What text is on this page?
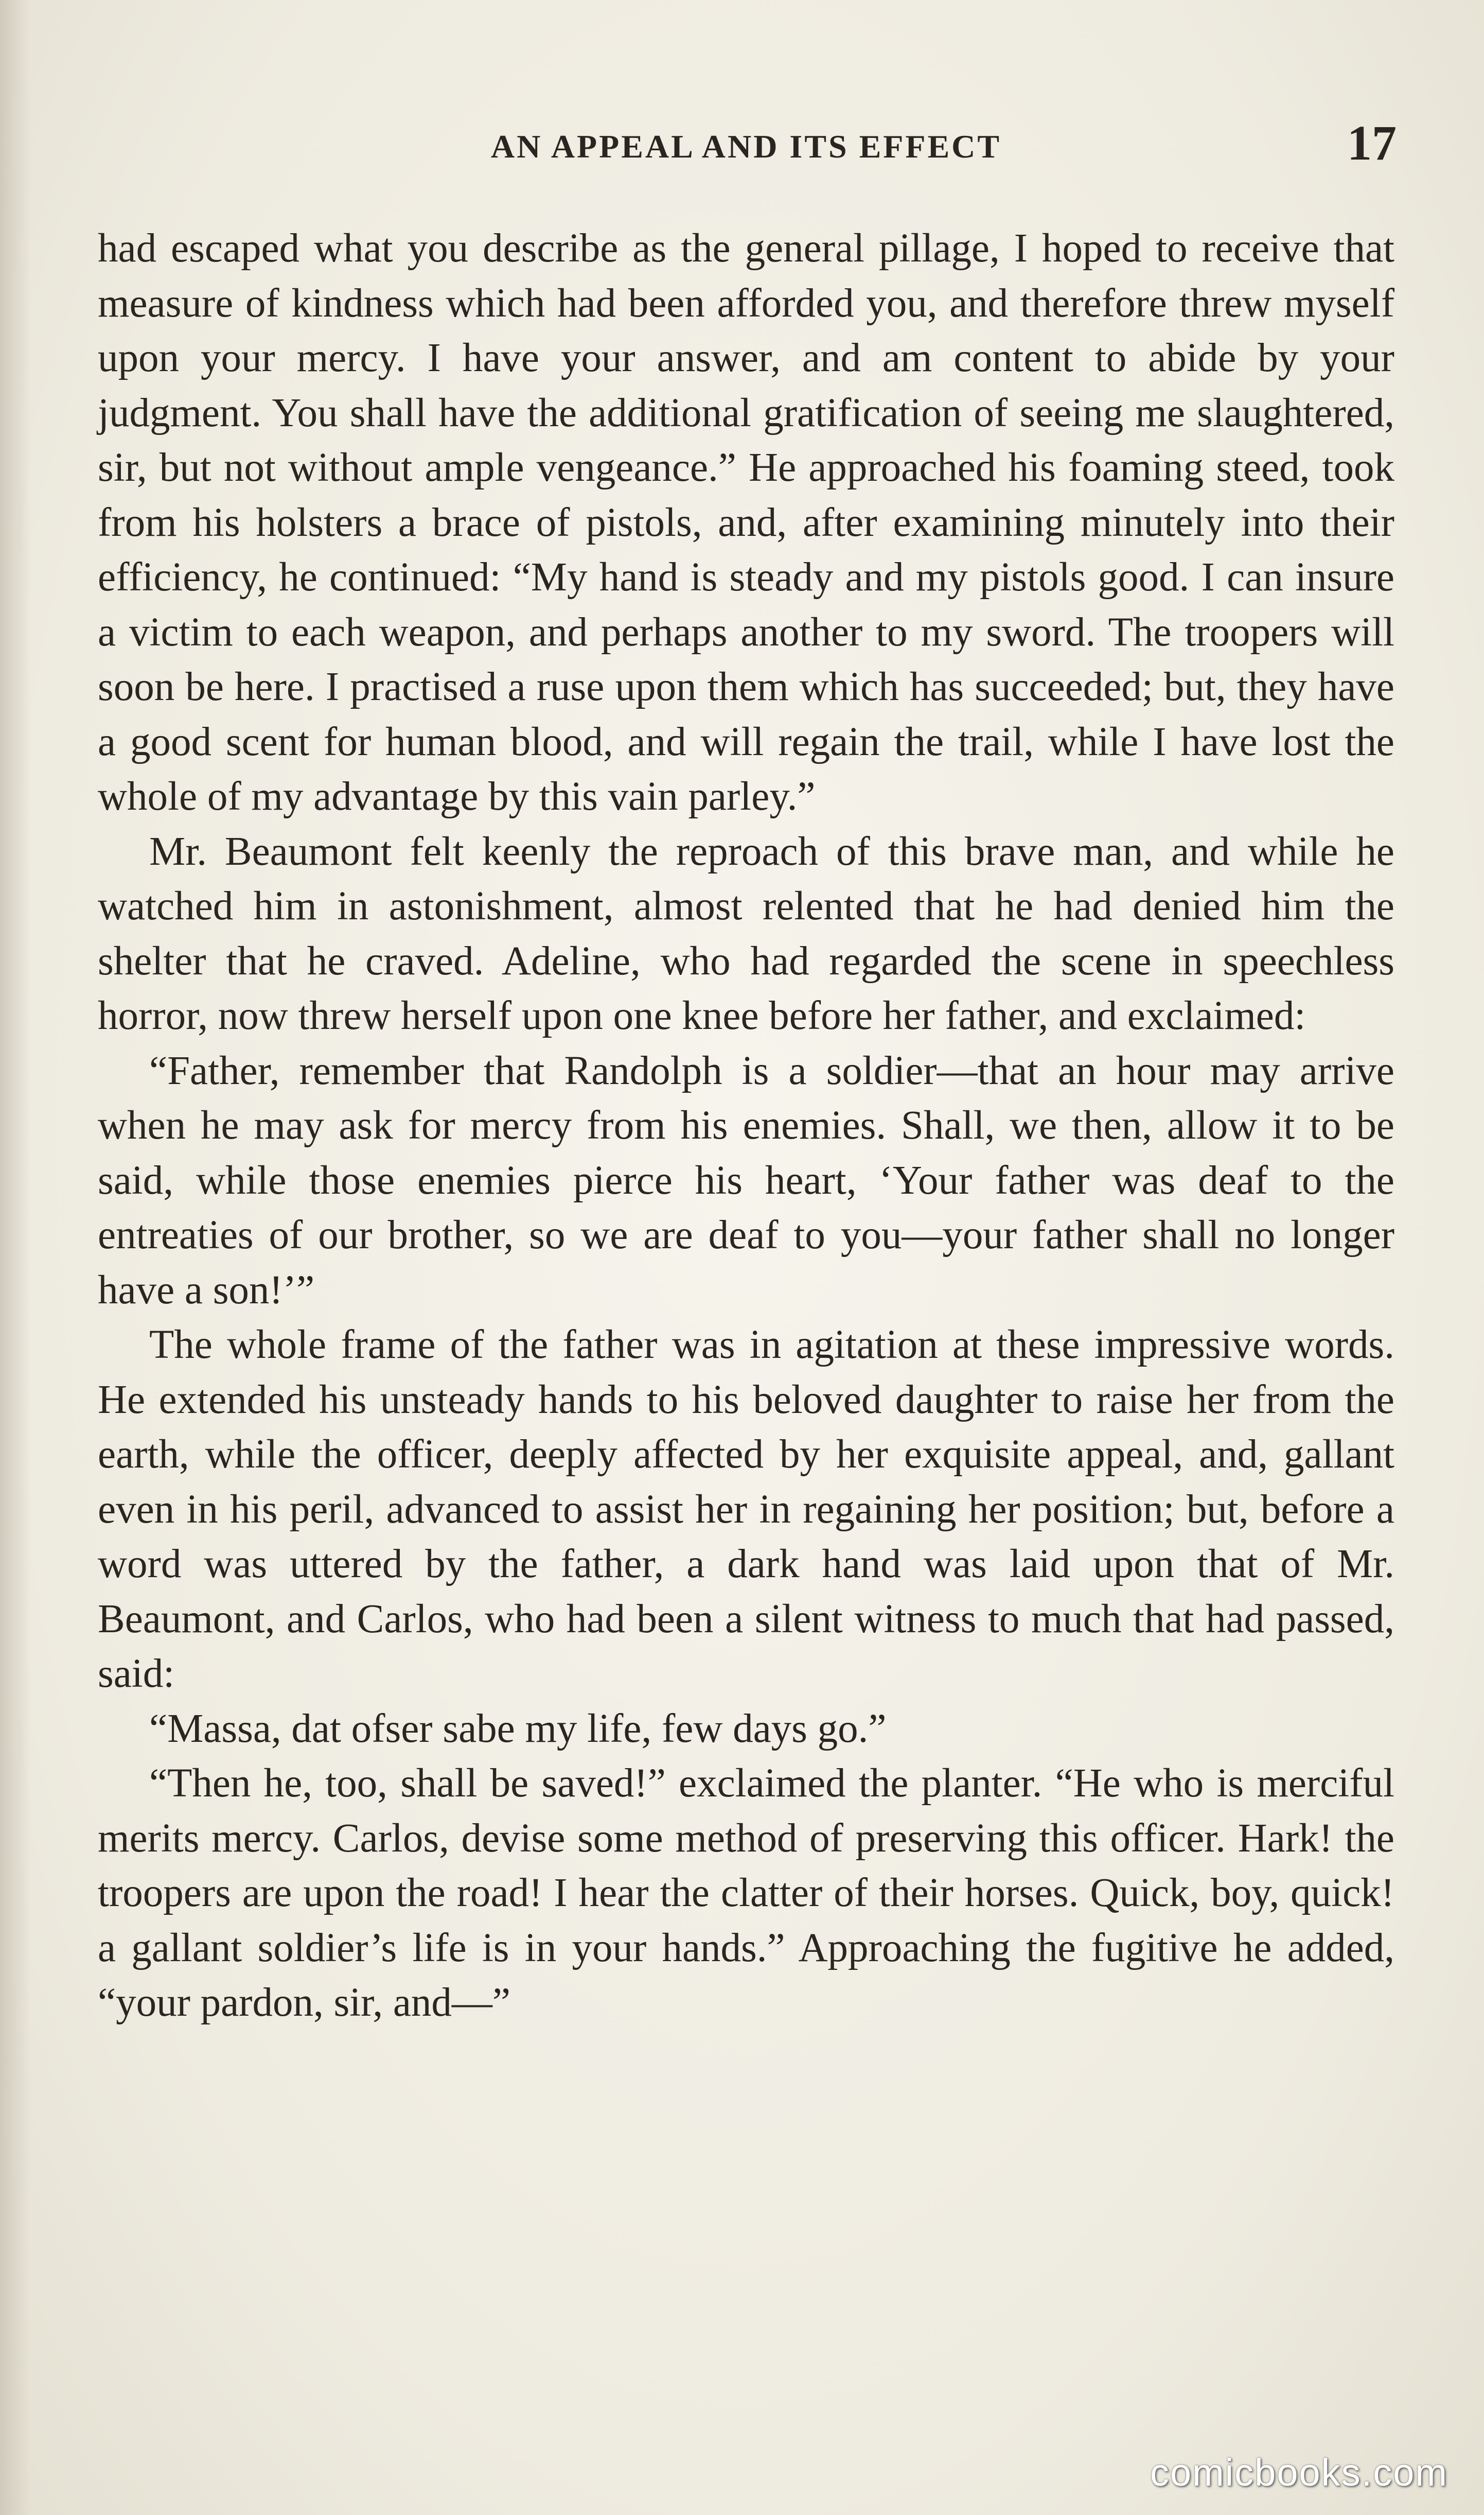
AN APPEAL AND ITS EFFECT	17

had escaped what you describe as the general pillage, I hoped to receive that measure of kindness which had been afforded you, and therefore threw myself upon your mercy. I have your answer, and am content to abide by your judgment. You shall have the additional gratification of seeing me slaughtered, sir, but not without ample vengeance.” He approached his foaming steed, took from his holsters a brace of pistols, and, after examining minutely into their efficiency, he continued: “My hand is steady and my pistols good. I can insure a victim to each weapon, and perhaps another to my sword. The troopers will soon be here. I practised a ruse upon them which has succeeded; but, they have a good scent for human blood, and will regain the trail, while I have lost the whole of my advantage by this vain parley.”

Mr. Beaumont felt keenly the reproach of this brave man, and while he watched him in astonishment, almost relented that he had denied him the shelter that he craved. Adeline, who had regarded the scene in speechless horror, now threw herself upon one knee before her father, and exclaimed:

“Father, remember that Randolph is a soldier—that an hour may arrive when he may ask for mercy from his enemies. Shall, we then, allow it to be said, while those enemies pierce his heart, ‘Your father was deaf to the entreaties of our brother, so we are deaf to you—your father shall no longer have a son!’”

The whole frame of the father was in agitation at these impressive words. He extended his unsteady hands to his beloved daughter to raise her from the earth, while the officer, deeply affected by her exquisite appeal, and, gallant even in his peril, advanced to assist her in regaining her position; but, before a word was uttered by the father, a dark hand was laid upon that of Mr. Beaumont, and Carlos, who had been a silent witness to much that had passed, said:

“Massa, dat ofser sabe my life, few days go.”

“Then he, too, shall be saved!” exclaimed the planter. “He who is merciful merits mercy. Carlos, devise some method of preserving this officer. Hark! the troopers are upon the road! I hear the clatter of their horses. Quick, boy, quick! a gallant soldier’s life is in your hands.” Approaching the fugitive he added, “your pardon, sir, and—”

comicbooks.com
